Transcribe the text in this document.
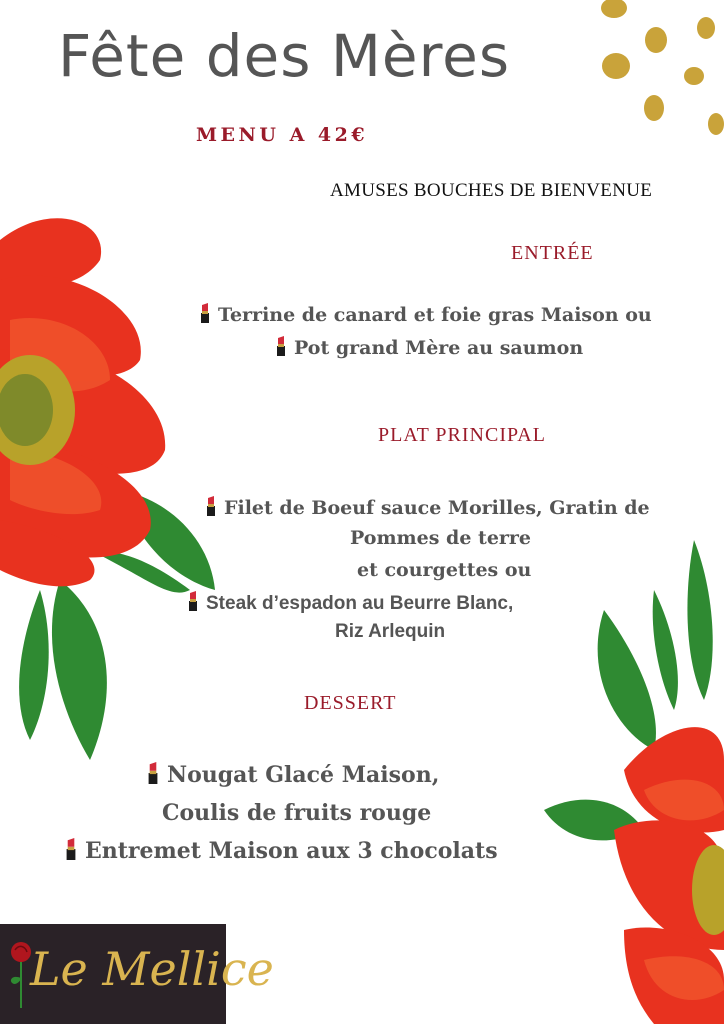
Fête des Mères
MENU A 42€
AMUSES BOUCHES DE BIENVENUE
ENTRÉE
Terrine de canard et foie gras Maison ou
Pot grand Mère au saumon
PLAT PRINCIPAL
Filet de Boeuf sauce Morilles, Gratin de
Pommes de terre
et courgettes ou
Steak d’espadon au Beurre Blanc,
Riz Arlequin
DESSERT
Nougat Glacé Maison,
Coulis de fruits rouge
Entremet Maison aux 3 chocolats
Le Mellice
